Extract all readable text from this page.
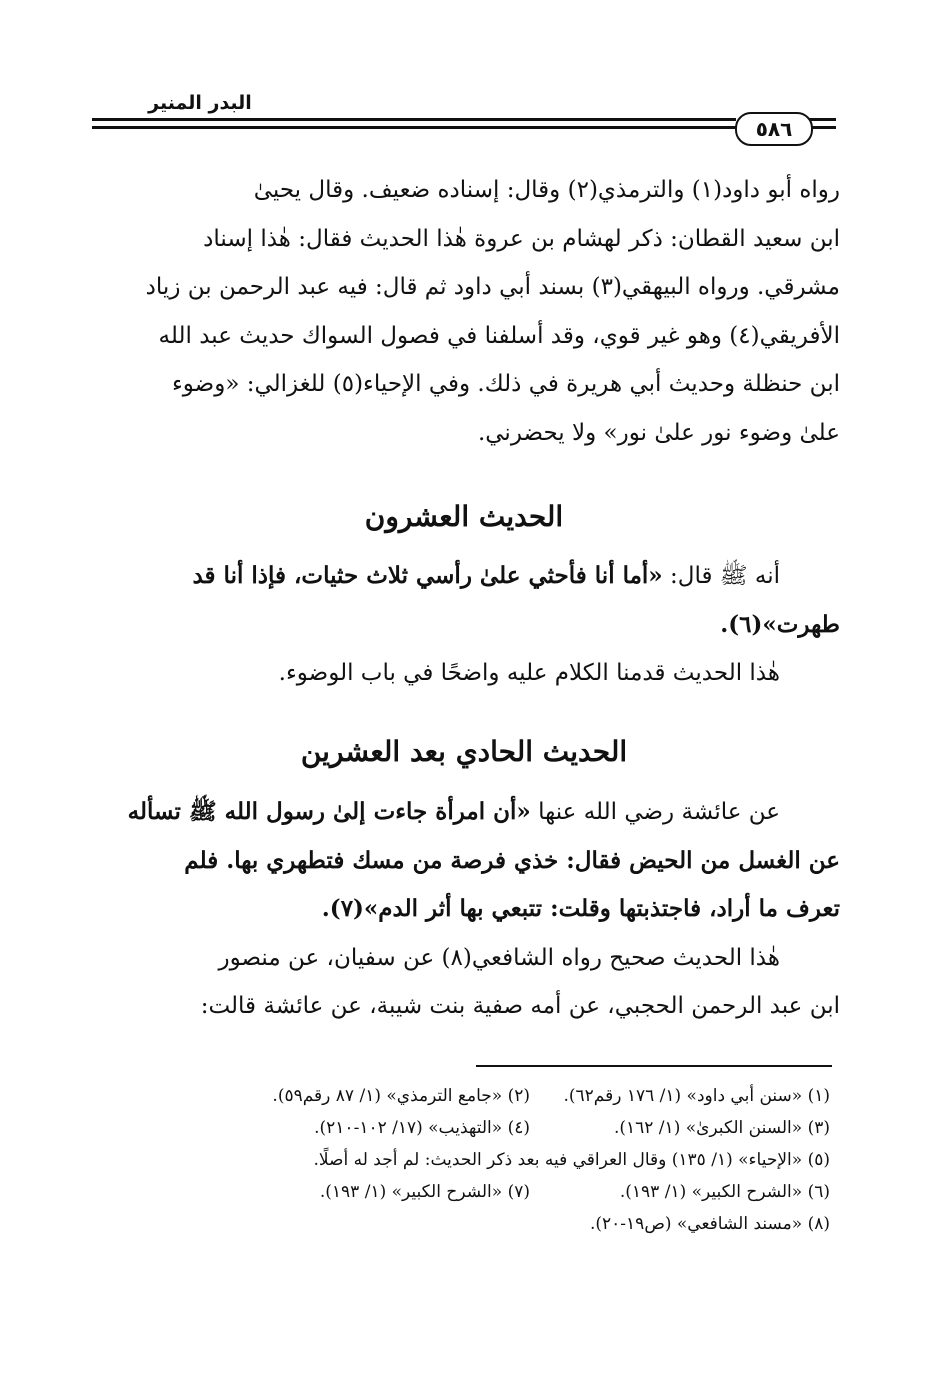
البدر المنير
٥٨٦
رواه أبو داود(١) والترمذي(٢) وقال: إسناده ضعيف. وقال يحيىٰ
ابن سعيد القطان: ذكر لهشام بن عروة هٰذا الحديث فقال: هٰذا إسناد
مشرقي. ورواه البيهقي(٣) بسند أبي داود ثم قال: فيه عبد الرحمن بن زياد
الأفريقي(٤) وهو غير قوي، وقد أسلفنا في فصول السواك حديث عبد الله
ابن حنظلة وحديث أبي هريرة في ذلك. وفي الإحياء(٥) للغزالي: «وضوء
علىٰ وضوء نور علىٰ نور» ولا يحضرني.
الحديث العشرون
أنه ﷺ قال: «أما أنا فأحثي علىٰ رأسي ثلاث حثيات، فإذا أنا قد
طهرت»(٦).
هٰذا الحديث قدمنا الكلام عليه واضحًا في باب الوضوء.
الحديث الحادي بعد العشرين
عن عائشة رضي الله عنها «أن امرأة جاءت إلىٰ رسول الله ﷺ تسأله
عن الغسل من الحيض فقال: خذي فرصة من مسك فتطهري بها. فلم
تعرف ما أراد، فاجتذبتها وقلت: تتبعي بها أثر الدم»(٧).
هٰذا الحديث صحيح رواه الشافعي(٨) عن سفيان، عن منصور
ابن عبد الرحمن الحجبي، عن أمه صفية بنت شيبة، عن عائشة قالت:
(١) «سنن أبي داود» (١/ ١٧٦ رقم٦٢).
(٢) «جامع الترمذي» (١/ ٨٧ رقم٥٩).
(٣) «السنن الكبرىٰ» (١/ ١٦٢).
(٤) «التهذيب» (١٧/ ١٠٢-٢١٠).
(٥) «الإحياء» (١/ ١٣٥) وقال العراقي فيه بعد ذكر الحديث: لم أجد له أصلًا.
(٦) «الشرح الكبير» (١/ ١٩٣).
(٧) «الشرح الكبير» (١/ ١٩٣).
(٨) «مسند الشافعي» (ص١٩-٢٠).
